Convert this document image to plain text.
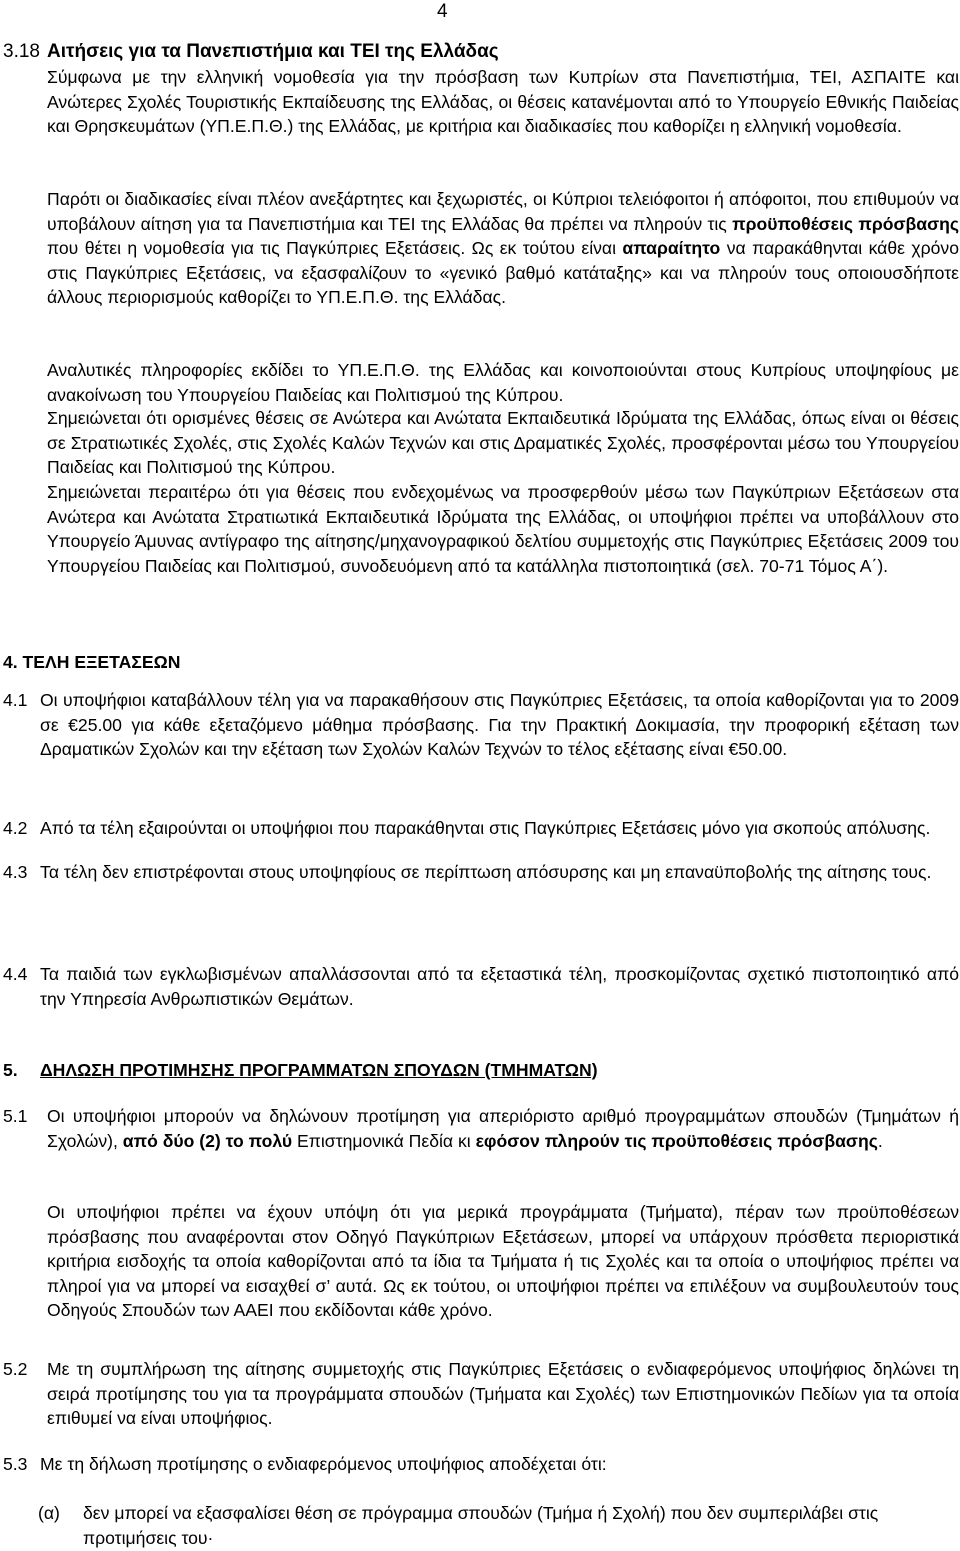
4
3.18 Αιτήσεις για τα Πανεπιστήμια και ΤΕΙ της Ελλάδας

Σύμφωνα με την ελληνική νομοθεσία για την πρόσβαση των Κυπρίων στα Πανεπιστήμια, ΤΕΙ, ΑΣΠΑΙΤΕ και Ανώτερες Σχολές Τουριστικής Εκπαίδευσης της Ελλάδας, οι θέσεις κατανέμονται από το Υπουργείο Εθνικής Παιδείας και Θρησκευμάτων (ΥΠ.Ε.Π.Θ.) της Ελλάδας, με κριτήρια και διαδικασίες που καθορίζει η ελληνική νομοθεσία.

Παρότι οι διαδικασίες είναι πλέον ανεξάρτητες και ξεχωριστές, οι Κύπριοι τελειόφοιτοι ή απόφοιτοι, που επιθυμούν να υποβάλουν αίτηση για τα Πανεπιστήμια και ΤΕΙ της Ελλάδας θα πρέπει να πληρούν τις προϋποθέσεις πρόσβασης που θέτει η νομοθεσία για τις Παγκύπριες Εξετάσεις. Ως εκ τούτου είναι απαραίτητο να παρακάθηνται κάθε χρόνο στις Παγκύπριες Εξετάσεις, να εξασφαλίζουν το «γενικό βαθμό κατάταξης» και να πληρούν τους οποιουσδήποτε άλλους περιορισμούς καθορίζει το ΥΠ.Ε.Π.Θ. της Ελλάδας.

Αναλυτικές πληροφορίες εκδίδει το ΥΠ.Ε.Π.Θ. της Ελλάδας και κοινοποιούνται στους Κυπρίους υποψηφίους με ανακοίνωση του Υπουργείου Παιδείας και Πολιτισμού της Κύπρου.

Σημειώνεται ότι ορισμένες θέσεις σε Ανώτερα και Ανώτατα Εκπαιδευτικά Ιδρύματα της Ελλάδας, όπως είναι οι θέσεις σε Στρατιωτικές Σχολές, στις Σχολές Καλών Τεχνών και στις Δραματικές Σχολές, προσφέρονται μέσω του Υπουργείου Παιδείας και Πολιτισμού της Κύπρου.

Σημειώνεται περαιτέρω ότι για θέσεις που ενδεχομένως να προσφερθούν μέσω των Παγκύπριων Εξετάσεων στα Ανώτερα και Ανώτατα Στρατιωτικά Εκπαιδευτικά Ιδρύματα της Ελλάδας, οι υποψήφιοι πρέπει να υποβάλλουν στο Υπουργείο Άμυνας αντίγραφο της αίτησης/μηχανογραφικού δελτίου συμμετοχής στις Παγκύπριες Εξετάσεις 2009 του Υπουργείου Παιδείας και Πολιτισμού, συνοδευόμενη από τα κατάλληλα πιστοποιητικά (σελ. 70-71 Τόμος Α΄).

4. ΤΕΛΗ ΕΞΕΤΑΣΕΩΝ
4.1 Οι υποψήφιοι καταβάλλουν τέλη για να παρακαθήσουν στις Παγκύπριες Εξετάσεις, τα οποία καθορίζονται για το 2009 σε €25.00 για κάθε εξεταζόμενο μάθημα πρόσβασης. Για την Πρακτική Δοκιμασία, την προφορική εξέταση των Δραματικών Σχολών και την εξέταση των Σχολών Καλών Τεχνών το τέλος εξέτασης είναι €50.00.

4.2 Από τα τέλη εξαιρούνται οι υποψήφιοι που παρακάθηνται στις Παγκύπριες Εξετάσεις μόνο για σκοπούς απόλυσης.

4.3 Τα τέλη δεν επιστρέφονται στους υποψηφίους σε περίπτωση απόσυρσης και μη επαναϋποβολής της αίτησης τους.

4.4 Τα παιδιά των εγκλωβισμένων απαλλάσσονται από τα εξεταστικά τέλη, προσκομίζοντας σχετικό πιστοποιητικό από την Υπηρεσία Ανθρωπιστικών Θεμάτων.

5. ΔΗΛΩΣΗ ΠΡΟΤΙΜΗΣΗΣ ΠΡΟΓΡΑΜΜΑΤΩΝ ΣΠΟΥΔΩΝ (ΤΜΗΜΑΤΩΝ)
5.1 Οι υποψήφιοι μπορούν να δηλώνουν προτίμηση για απεριόριστο αριθμό προγραμμάτων σπουδών (Τμημάτων ή Σχολών), από δύο (2) το πολύ Επιστημονικά Πεδία κι εφόσον πληρούν τις προϋποθέσεις πρόσβασης.

Οι υποψήφιοι πρέπει να έχουν υπόψη ότι για μερικά προγράμματα (Τμήματα), πέραν των προϋποθέσεων πρόσβασης που αναφέρονται στον Οδηγό Παγκύπριων Εξετάσεων, μπορεί να υπάρχουν πρόσθετα περιοριστικά κριτήρια εισδοχής τα οποία καθορίζονται από τα ίδια τα Τμήματα ή τις Σχολές και τα οποία ο υποψήφιος πρέπει να πληροί για να μπορεί να εισαχθεί σ’ αυτά. Ως εκ τούτου, οι υποψήφιοι πρέπει να επιλέξουν να συμβουλευτούν τους Οδηγούς Σπουδών των ΑΑΕΙ που εκδίδονται κάθε χρόνο.

5.2 Με τη συμπλήρωση της αίτησης συμμετοχής στις Παγκύπριες Εξετάσεις ο ενδιαφερόμενος υποψήφιος δηλώνει τη σειρά προτίμησης του για τα προγράμματα σπουδών (Τμήματα και Σχολές) των Επιστημονικών Πεδίων για τα οποία επιθυμεί να είναι υποψήφιος.

5.3 Με τη δήλωση προτίμησης ο ενδιαφερόμενος υποψήφιος αποδέχεται ότι:

(α) δεν μπορεί να εξασφαλίσει θέση σε πρόγραμμα σπουδών (Τμήμα ή Σχολή) που δεν συμπεριλάβει στις προτιμήσεις του·
